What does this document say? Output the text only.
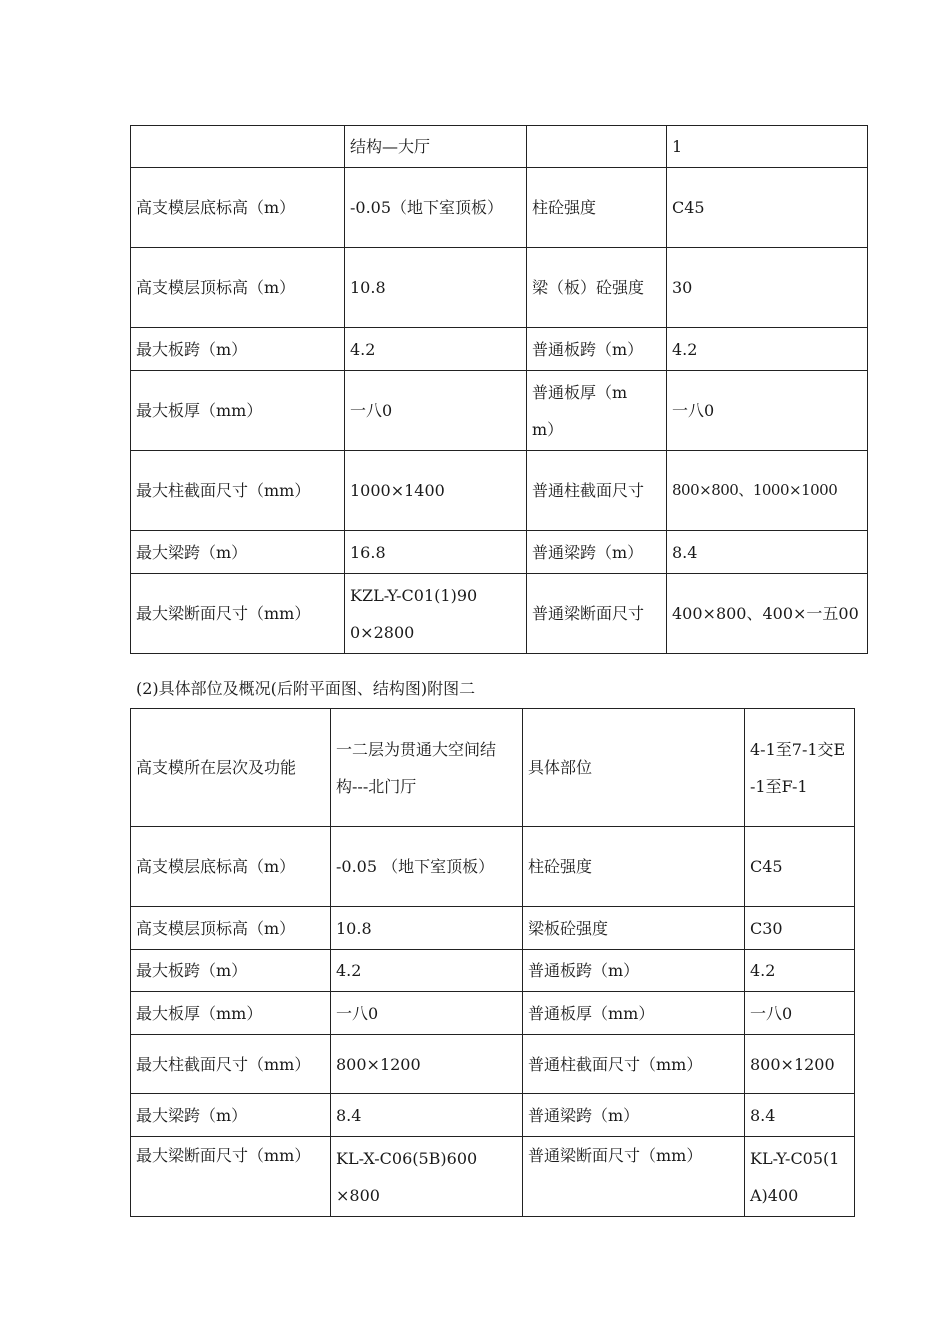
	结构—大厅		1
高支模层底标高（m）	-0.05（地下室顶板）	柱砼强度	C45
高支模层顶标高（m）	10.8	梁（板）砼强度	30
最大板跨（m）	4.2	普通板跨（m）	4.2
最大板厚（mm）	一八0	普通板厚（mm）	一八0
最大柱截面尺寸（mm）	1000×1400	普通柱截面尺寸	800×800、1000×1000
最大梁跨（m）	16.8	普通梁跨（m）	8.4
最大梁断面尺寸（mm）	KZL-Y-C01(1)900×2800	普通梁断面尺寸	400×800、400×一五00
(2)具体部位及概况(后附平面图、结构图)附图二
高支模所在层次及功能	一二层为贯通大空间结构---北门厅	具体部位	4-1至7-1交E-1至F-1
高支模层底标高（m）	-0.05 （地下室顶板）	柱砼强度	C45
高支模层顶标高（m）	10.8	梁板砼强度	C30
最大板跨（m）	4.2	普通板跨（m）	4.2
最大板厚（mm）	一八0	普通板厚（mm）	一八0
最大柱截面尺寸（mm）	800×1200	普通柱截面尺寸（mm）	800×1200
最大梁跨（m）	8.4	普通梁跨（m）	8.4
最大梁断面尺寸（mm）	KL-X-C06(5B)600×800	普通梁断面尺寸（mm）	KL-Y-C05(1A)400
